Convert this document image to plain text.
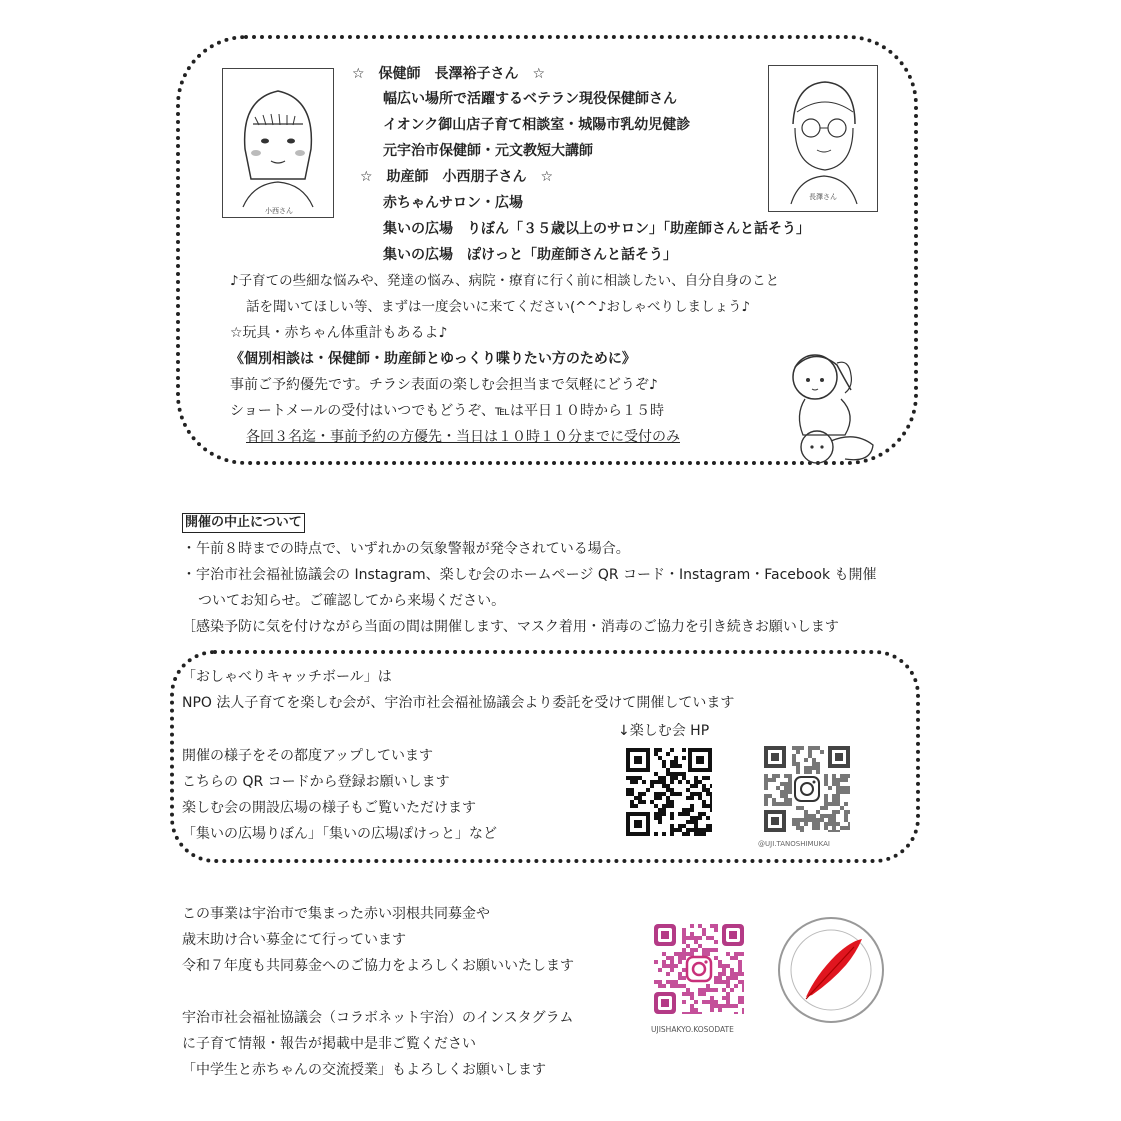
小西さん
長澤さん
☆　保健師　長澤裕子さん　☆
幅広い場所で活躍するベテラン現役保健師さん
イオンク御山店子育て相談室・城陽市乳幼児健診
元宇治市保健師・元文教短大講師
☆　助産師　小西朋子さん　☆
赤ちゃんサロン・広場
集いの広場　りぼん「３５歳以上のサロン」「助産師さんと話そう」
集いの広場　ぽけっと「助産師さんと話そう」
♪子育ての些細な悩みや、発達の悩み、病院・療育に行く前に相談したい、自分自身のこと
話を聞いてほしい等、まずは一度会いに来てください(^^♪おしゃべりしましょう♪
☆玩具・赤ちゃん体重計もあるよ♪
《個別相談は・保健師・助産師とゆっくり喋りたい方のために》
事前ご予約優先です。チラシ表面の楽しむ会担当まで気軽にどうぞ♪
ショートメールの受付はいつでもどうぞ、℡は平日１０時から１５時
各回３名迄・事前予約の方優先・当日は１０時１０分までに受付のみ
開催の中止について
・午前８時までの時点で、いずれかの気象警報が発令されている場合。
・宇治市社会福祉協議会の Instagram、楽しむ会のホームページ QR コード・Instagram・Facebook も開催
ついてお知らせ。ご確認してから来場ください。
［感染予防に気を付けながら当面の間は開催します、マスク着用・消毒のご協力を引き続きお願いします
「おしゃべりキャッチボール」は
NPO 法人子育てを楽しむ会が、宇治市社会福祉協議会より委託を受けて開催しています
↓楽しむ会 HP
開催の様子をその都度アップしています
こちらの QR コードから登録お願いします
楽しむ会の開設広場の様子もご覧いただけます
「集いの広場りぼん」「集いの広場ぽけっと」など
@UJI.TANOSHIMUKAI
この事業は宇治市で集まった赤い羽根共同募金や
歳末助け合い募金にて行っています
令和７年度も共同募金へのご協力をよろしくお願いいたします
宇治市社会福祉協議会（コラボネット宇治）のインスタグラム
に子育て情報・報告が掲載中是非ご覧ください
「中学生と赤ちゃんの交流授業」もよろしくお願いします
UJISHAKYO.KOSODATE
